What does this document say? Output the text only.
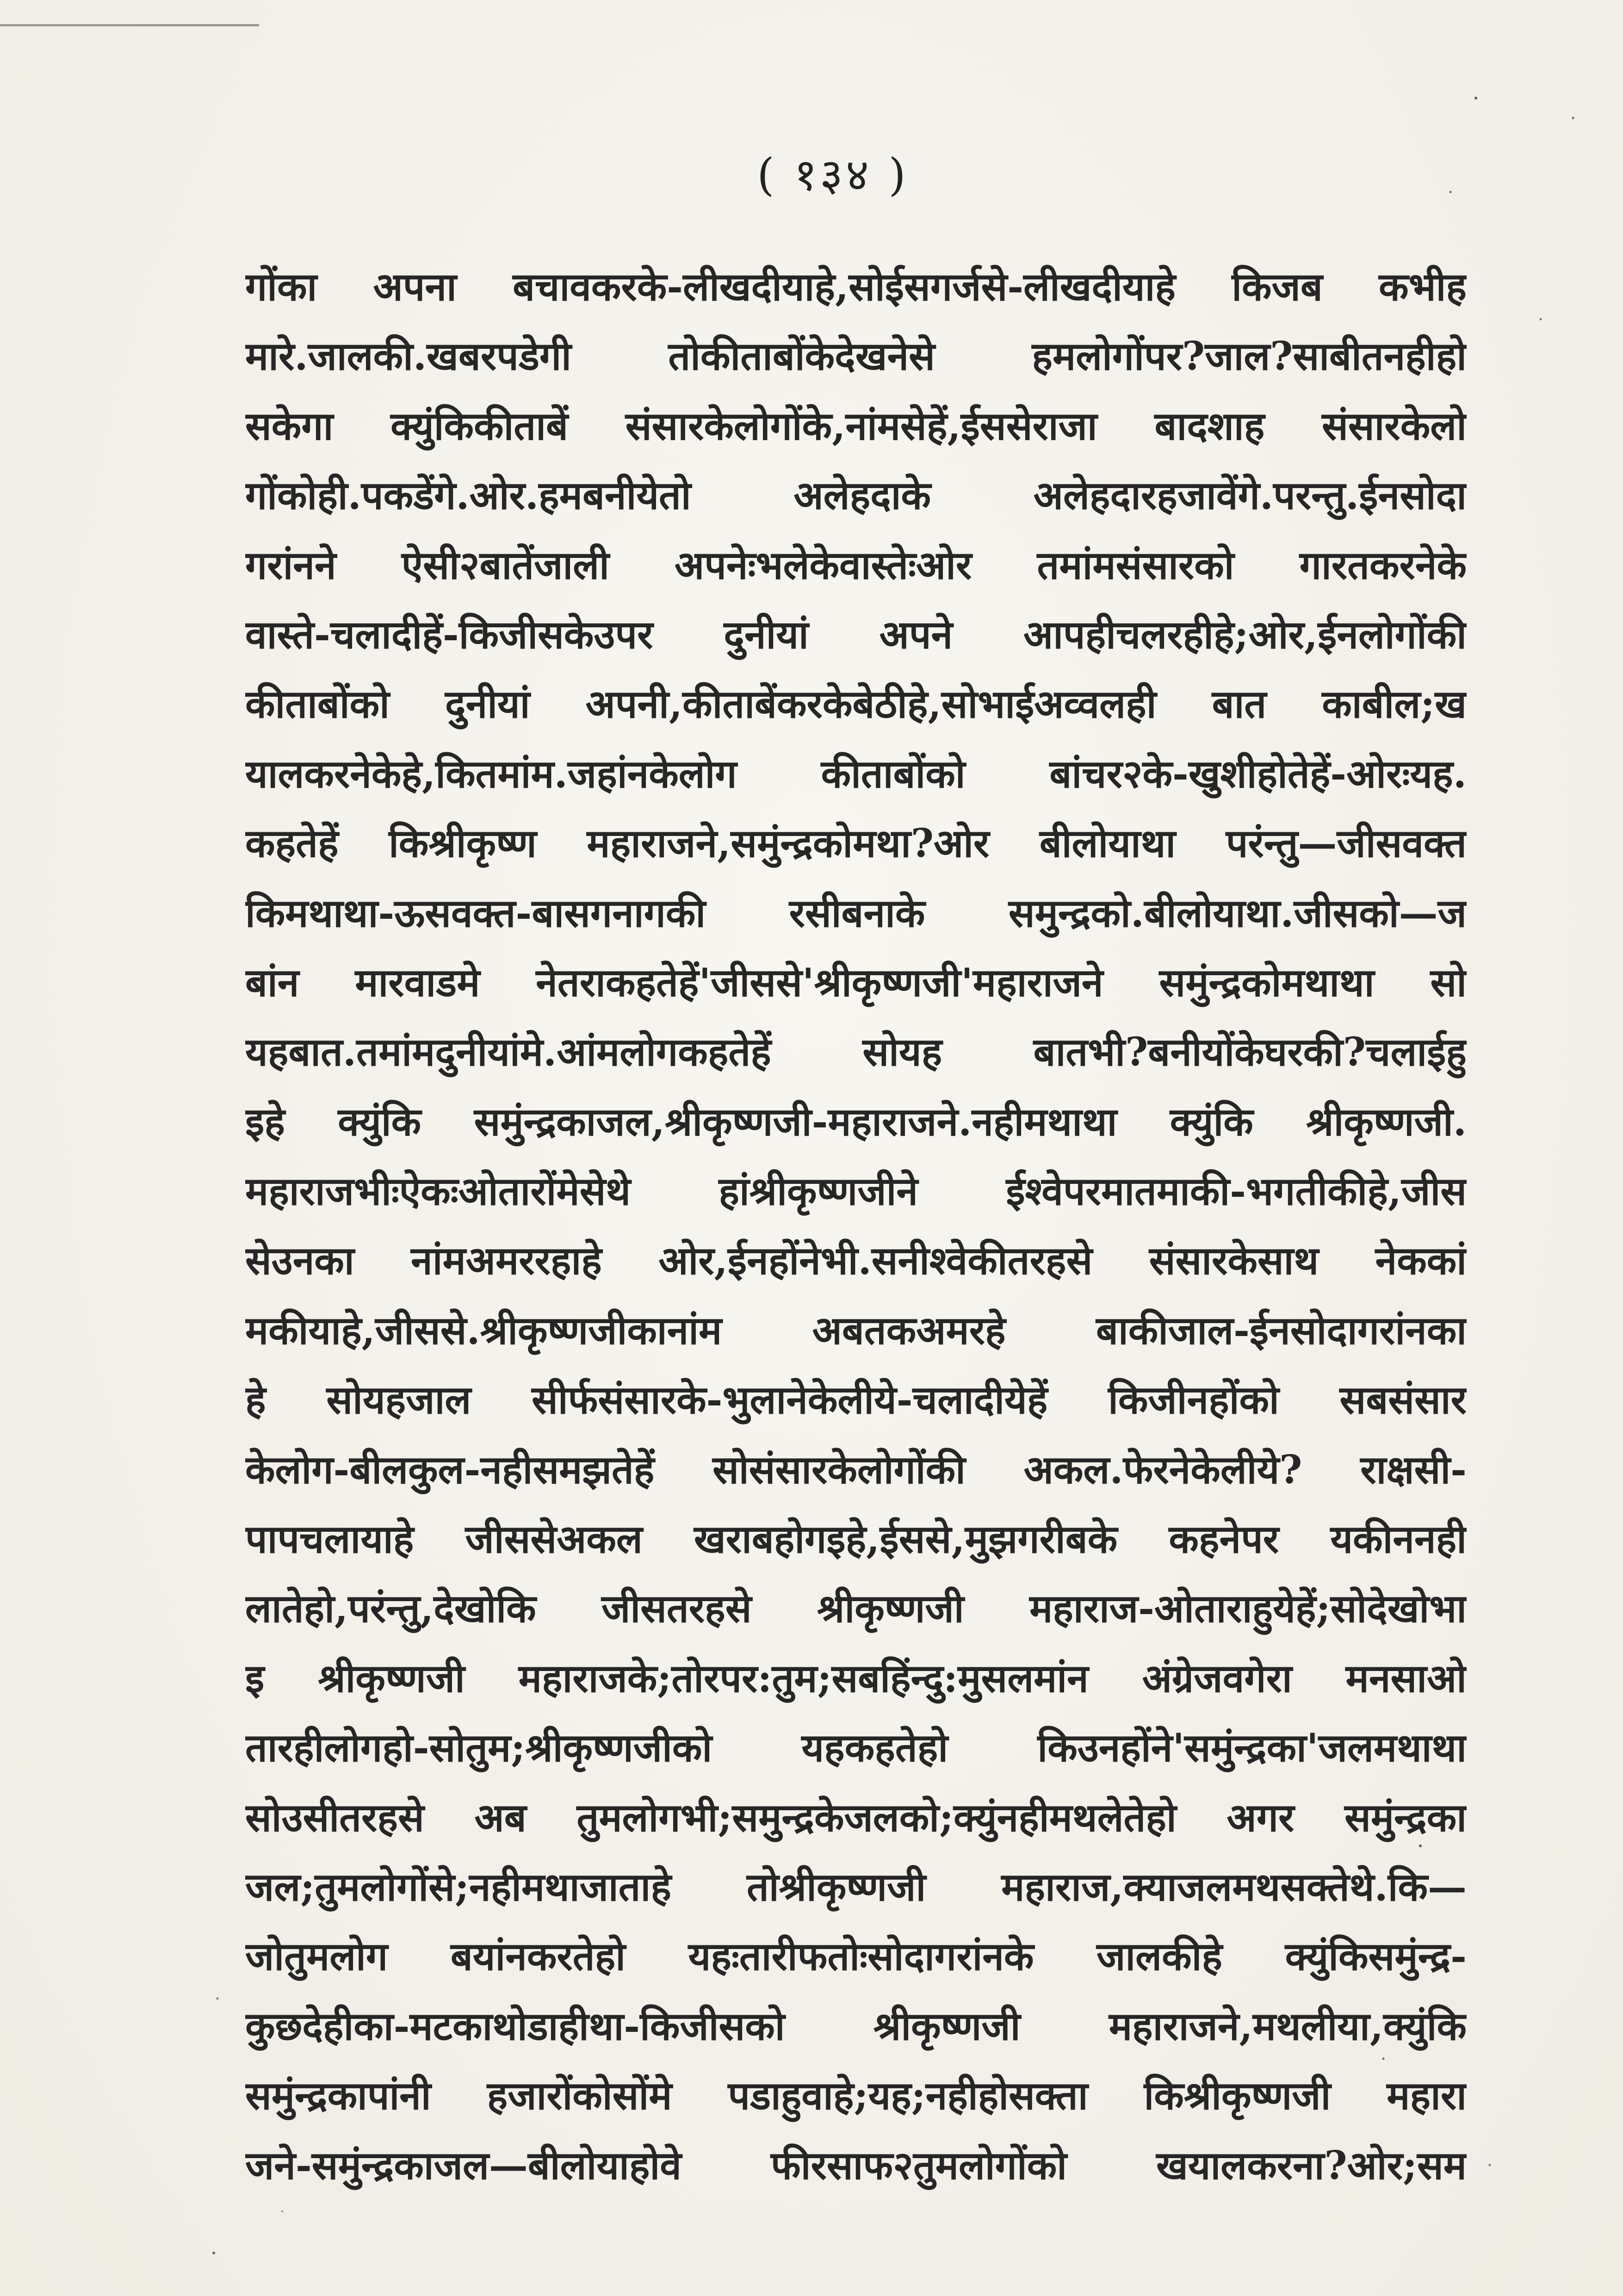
( १३४ )
गोंका अपना बचावकरके-लीखदीयाहे,सोईसगर्जसे-लीखदीयाहे किजब कभीह
मारे.जालकी.खबरपडेगी तोकीताबोंकेदेखनेसे हमलोगोंपर?जाल?साबीतनहीहो
सकेगा क्युंकिकीताबें संसारकेलोगोंके,नांमसेहें,ईससेराजा बादशाह संसारकेलो
गोंकोही.पकडेंगे.ओर.हमबनीयेतो अलेहदाके अलेहदारहजावेंगे.परन्तु.ईनसोदा
गरांनने ऐसी२बातेंजाली अपनेःभलेकेवास्तेःओर तमांमसंसारको गारतकरनेके
वास्ते-चलादीहें-किजीसकेउपर दुनीयां अपने आपहीचलरहीहे;ओर,ईनलोगोंकी
कीताबोंको दुनीयां अपनी,कीताबेंकरकेबेठीहे,सोभाईअव्वलही बात काबील;ख
यालकरनेकेहे,कितमांम.जहांनकेलोग कीताबोंको बांचर२के-खुशीहोतेहें-ओरःयह.
कहतेहें किश्रीकृष्ण महाराजने,समुंन्द्रकोमथा?ओर बीलोयाथा परंन्तु—जीसवक्त
किमथाथा-ऊसवक्त-बासगनागकी रसीबनाके समुन्द्रको.बीलोयाथा.जीसको—ज
बांन मारवाडमे नेतराकहतेहें'जीससे'श्रीकृष्णजी'महाराजने समुंन्द्रकोमथाथा सो
यहबात.तमांमदुनीयांमे.आंमलोगकहतेहें सोयह बातभी?बनीयोंकेघरकी?चलाईहु
इहे क्युंकि समुंन्द्रकाजल,श्रीकृष्णजी-महाराजने.नहीमथाथा क्युंकि श्रीकृष्णजी.
महाराजभीःऐकःओतारोंमेसेथे हांश्रीकृष्णजीने ईश्वेपरमातमाकी-भगतीकीहे,जीस
सेउनका नांमअमररहाहे ओर,ईनहोंनेभी.सनीश्वेकीतरहसे संसारकेसाथ नेककां
मकीयाहे,जीससे.श्रीकृष्णजीकानांम अबतकअमरहे बाकीजाल-ईनसोदागरांनका
हे सोयहजाल सीर्फसंसारके-भुलानेकेलीये-चलादीयेहें किजीनहोंको सबसंसार
केलोग-बीलकुल-नहीसमझतेहें सोसंसारकेलोगोंकी अकल.फेरनेकेलीये? राक्षसी-
पापचलायाहे जीससेअकल खराबहोगइहे,ईससे,मुझगरीबके कहनेपर यकीननही
लातेहो,परंन्तु,देखोकि जीसतरहसे श्रीकृष्णजी महाराज-ओताराहुयेहें;सोदेखोभा
इ श्रीकृष्णजी महाराजके;तोरपर:तुम;सबहिंन्दु:मुसलमांन अंग्रेजवगेरा मनसाओ
तारहीलोगहो-सोतुम;श्रीकृष्णजीको यहकहतेहो किउनहोंने'समुंन्द्रका'जलमथाथा
सोउसीतरहसे अब तुमलोगभी;समुन्द्रकेजलको;क्युंनहीमथलेतेहो अगर समुंन्द्रका
जल;तुमलोगोंसे;नहीमथाजाताहे तोश्रीकृष्णजी महाराज,क्याजलमथसक्तेथे.कि—
जोतुमलोग बयांनकरतेहो यहःतारीफतोःसोदागरांनके जालकीहे क्युंकिसमुंन्द्र-
कुछदेहीका-मटकाथोडाहीथा-किजीसको श्रीकृष्णजी महाराजने,मथलीया,क्युंकि
समुंन्द्रकापांनी हजारोंकोसोंमे पडाहुवाहे;यह;नहीहोसक्ता किश्रीकृष्णजी महारा
जने-समुंन्द्रकाजल—बीलोयाहोवे फीरसाफ२तुमलोगोंको खयालकरना?ओर;सम
